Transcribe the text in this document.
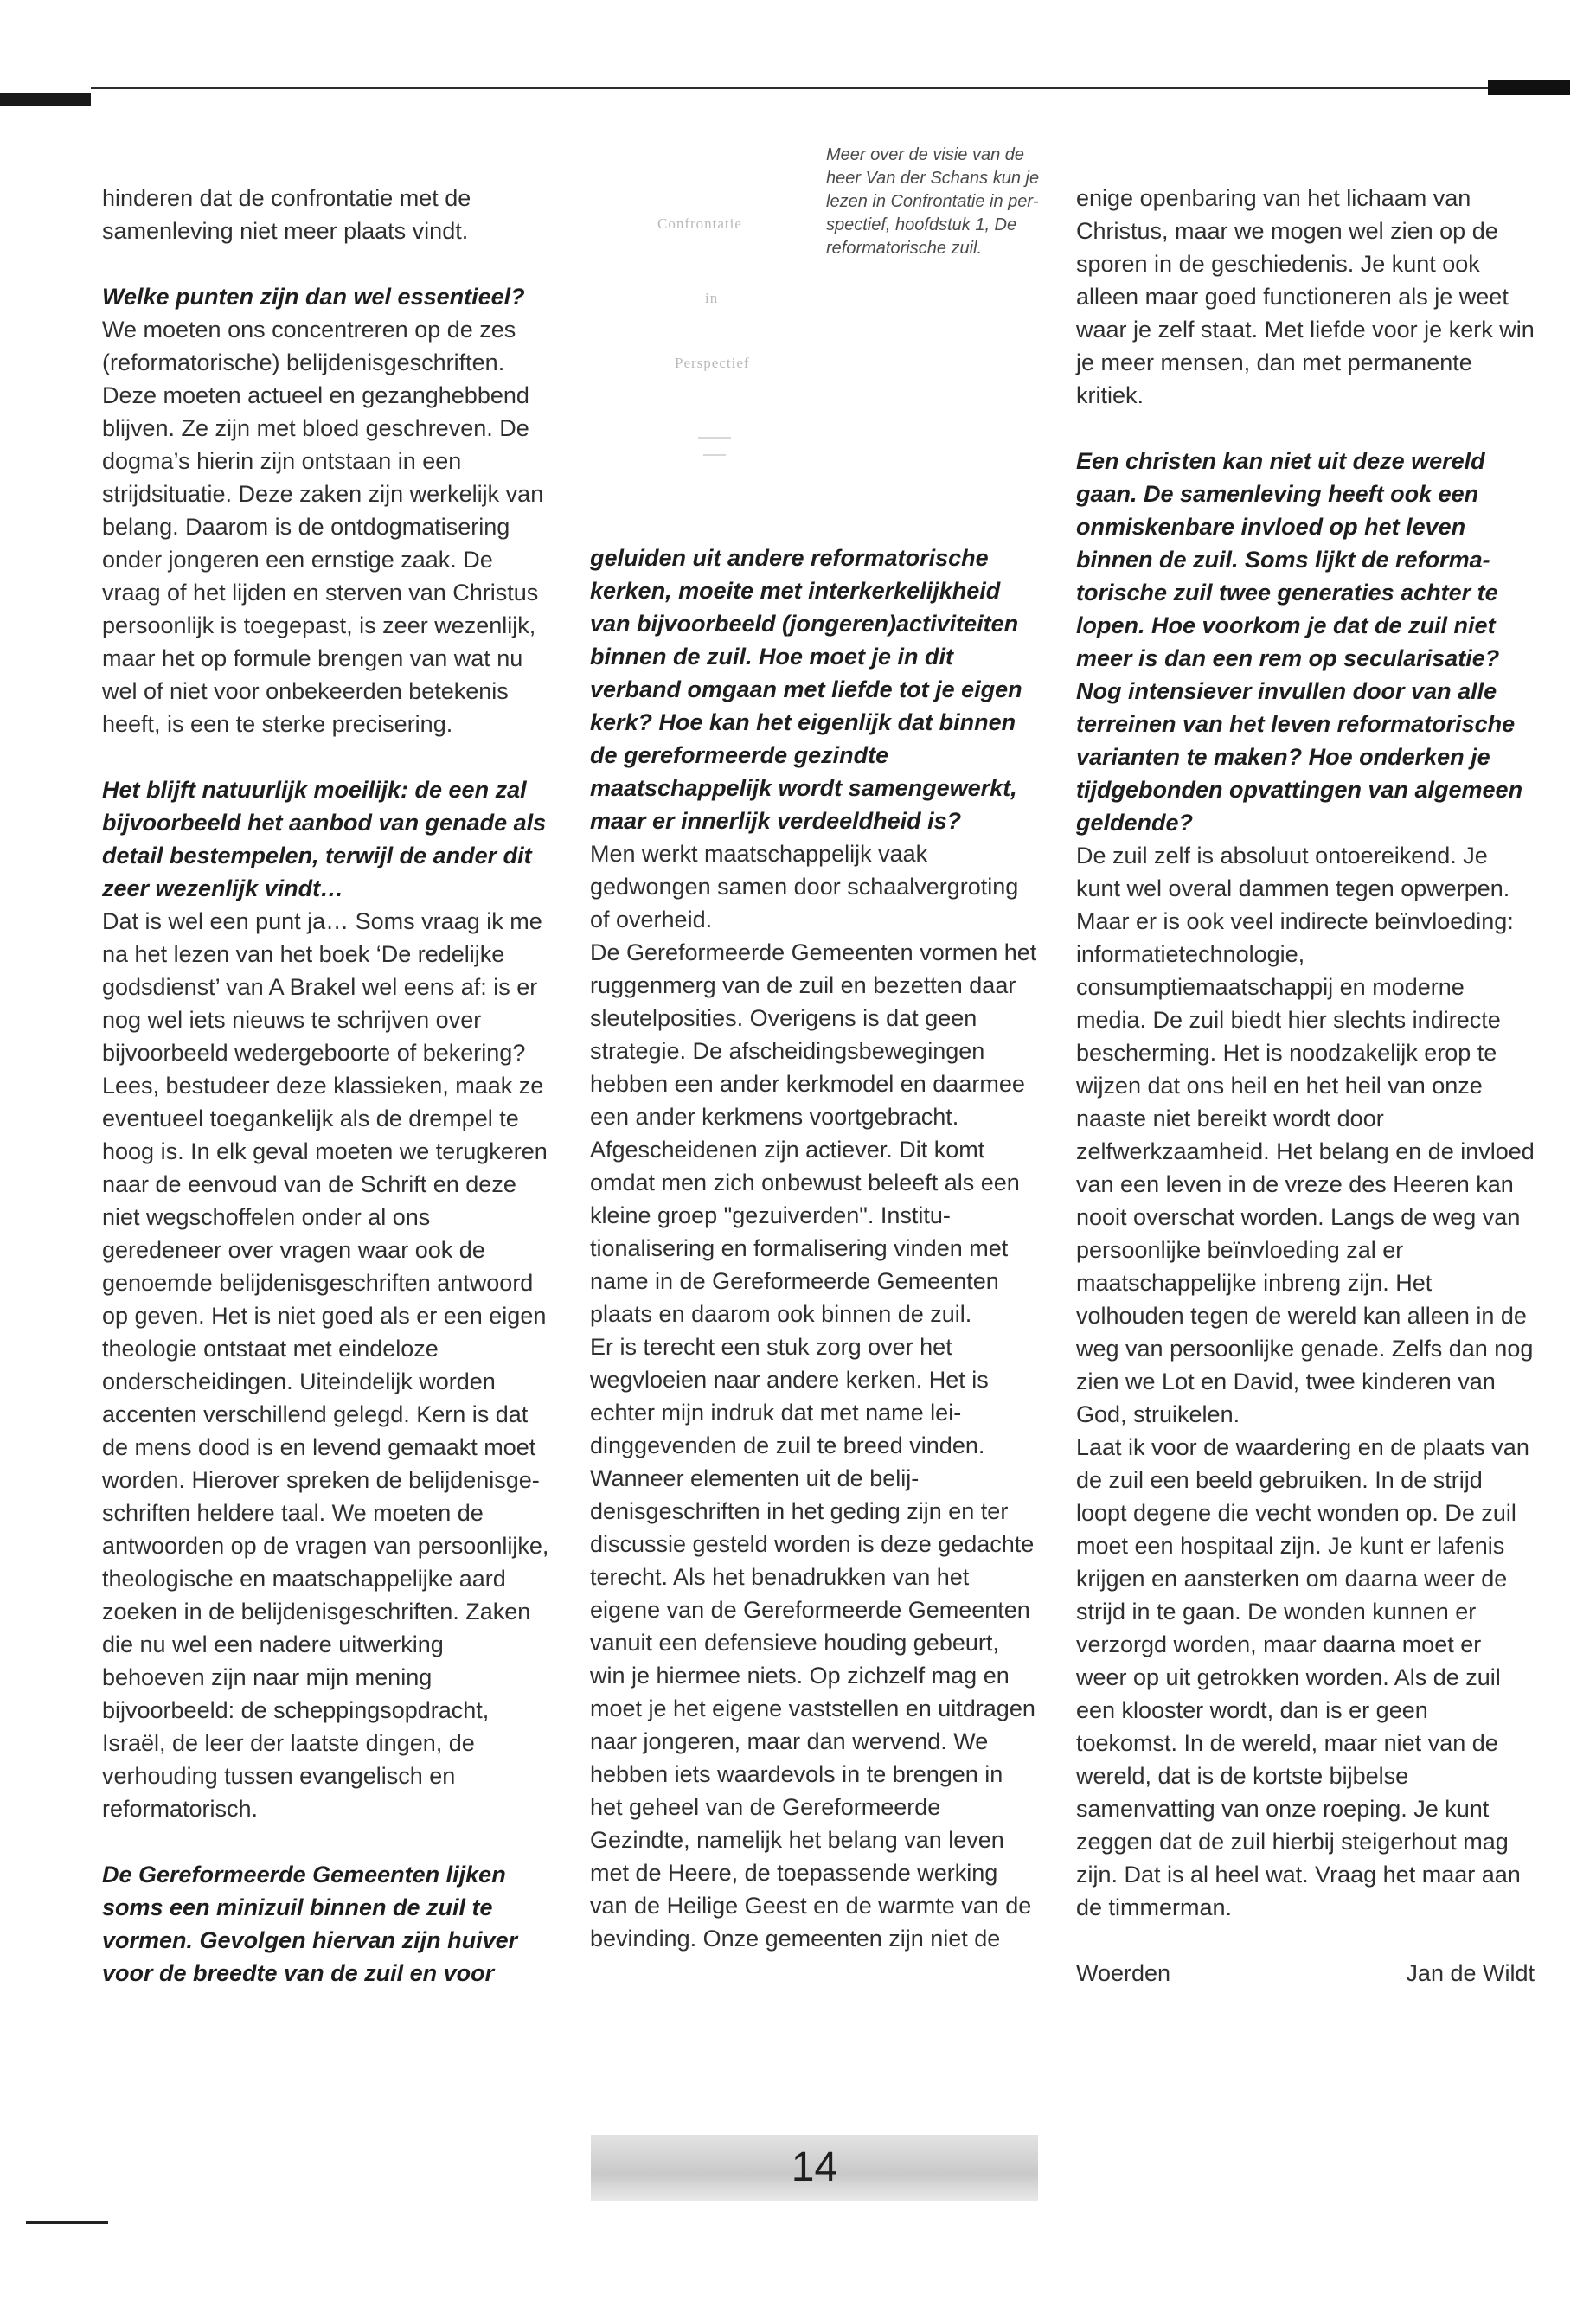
hinderen dat de confrontatie met de samenleving niet meer plaats vindt.

Welke punten zijn dan wel essentieel?

We moeten ons concentreren op de zes (reformatorische) belijdenisgeschriften. Deze moeten actueel en gezanghebbend blijven. Ze zijn met bloed geschreven. De dogma’s hierin zijn ontstaan in een strijdsituatie. Deze zaken zijn werkelijk van belang. Daarom is de ontdogmatisering onder jongeren een ernstige zaak. De vraag of het lijden en sterven van Christus persoonlijk is toegepast, is zeer wezenlijk, maar het op formule brengen van wat nu wel of niet voor onbekeerden betekenis heeft, is een te sterke precisering.

Het blijft natuurlijk moeilijk: de een zal bijvoorbeeld het aanbod van genade als detail bestempelen, terwijl de ander dit zeer wezenlijk vindt…

Dat is wel een punt ja… Soms vraag ik me na het lezen van het boek ‘De redelijke godsdienst’ van A Brakel wel eens af: is er nog wel iets nieuws te schrijven over bijvoorbeeld wedergeboorte of bekering? Lees, bestudeer deze klassieken, maak ze eventueel toegankelijk als de drempel te hoog is. In elk geval moeten we terugkeren naar de eenvoud van de Schrift en deze niet wegschoffelen onder al ons geredeneer over vragen waar ook de genoemde belijdenisgeschriften antwoord op geven. Het is niet goed als er een eigen theologie ontstaat met eindeloze onderscheidingen. Uiteindelijk worden accenten verschillend gelegd. Kern is dat de mens dood is en levend gemaakt moet worden. Hierover spreken de belijdenisgeschriften heldere taal. We moeten de antwoorden op de vragen van persoonlijke, theologische en maatschappelijke aard zoeken in de belijdenisgeschriften. Zaken die nu wel een nadere uitwerking behoeven zijn naar mijn mening bijvoorbeeld: de scheppingsopdracht, Israël, de leer der laatste dingen, de verhouding tussen evangelisch en reformatorisch.

De Gereformeerde Gemeenten lijken soms een minizuil binnen de zuil te vormen. Gevolgen hiervan zijn huiver voor de breedte van de zuil en voor

Confrontatie
in
Perspectief
Meer over de visie van de heer Van der Schans kun je lezen in Confrontatie in perspectief, hoofdstuk 1, De reformatorische zuil.

geluiden uit andere reformatorische kerken, moeite met interkerkelijkheid van bijvoorbeeld (jongeren)activiteiten binnen de zuil. Hoe moet je in dit verband omgaan met liefde tot je eigen kerk? Hoe kan het eigenlijk dat binnen de gereformeerde gezindte maatschappelijk wordt samengewerkt, maar er innerlijk verdeeldheid is?

Men werkt maatschappelijk vaak gedwongen samen door schaalvergroting of overheid.

De Gereformeerde Gemeenten vormen het ruggenmerg van de zuil en bezetten daar sleutelposities. Overigens is dat geen strategie. De afscheidingsbewegingen hebben een ander kerkmodel en daarmee een ander kerkmens voortgebracht. Afgescheidenen zijn actiever. Dit komt omdat men zich onbewust beleeft als een kleine groep "gezuiverden". Institutionalisering en formalisering vinden met name in de Gereformeerde Gemeenten plaats en daarom ook binnen de zuil.

Er is terecht een stuk zorg over het wegvloeien naar andere kerken. Het is echter mijn indruk dat met name leidinggevenden de zuil te breed vinden. Wanneer elementen uit de belijdenisgeschriften in het geding zijn en ter discussie gesteld worden is deze gedachte terecht. Als het benadrukken van het eigene van de Gereformeerde Gemeenten vanuit een defensieve houding gebeurt, win je hiermee niets. Op zichzelf mag en moet je het eigene vaststellen en uitdragen naar jongeren, maar dan wervend. We hebben iets waardevols in te brengen in het geheel van de Gereformeerde Gezindte, namelijk het belang van leven met de Heere, de toepassende werking van de Heilige Geest en de warmte van de bevinding. Onze gemeenten zijn niet de

enige openbaring van het lichaam van Christus, maar we mogen wel zien op de sporen in de geschiedenis. Je kunt ook alleen maar goed functioneren als je weet waar je zelf staat. Met liefde voor je kerk win je meer mensen, dan met permanente kritiek.

Een christen kan niet uit deze wereld gaan. De samenleving heeft ook een onmiskenbare invloed op het leven binnen de zuil. Soms lijkt de reformatorische zuil twee generaties achter te lopen. Hoe voorkom je dat de zuil niet meer is dan een rem op secularisatie? Nog intensiever invullen door van alle terreinen van het leven reformatorische varianten te maken? Hoe onderken je tijdgebonden opvattingen van algemeen geldende?

De zuil zelf is absoluut ontoereikend. Je kunt wel overal dammen tegen opwerpen. Maar er is ook veel indirecte beïnvloeding: informatietechnologie, consumptiemaatschappij en moderne media. De zuil biedt hier slechts indirecte bescherming. Het is noodzakelijk erop te wijzen dat ons heil en het heil van onze naaste niet bereikt wordt door zelfwerkzaamheid. Het belang en de invloed van een leven in de vreze des Heeren kan nooit overschat worden. Langs de weg van persoonlijke beïnvloeding zal er maatschappelijke inbreng zijn. Het volhouden tegen de wereld kan alleen in de weg van persoonlijke genade. Zelfs dan nog zien we Lot en David, twee kinderen van God, struikelen.

Laat ik voor de waardering en de plaats van de zuil een beeld gebruiken. In de strijd loopt degene die vecht wonden op. De zuil moet een hospitaal zijn. Je kunt er lafenis krijgen en aansterken om daarna weer de strijd in te gaan. De wonden kunnen er verzorgd worden, maar daarna moet er weer op uit getrokken worden. Als de zuil een klooster wordt, dan is er geen toekomst. In de wereld, maar niet van de wereld, dat is de kortste bijbelse samenvatting van onze roeping. Je kunt zeggen dat de zuil hierbij steigerhout mag zijn. Dat is al heel wat. Vraag het maar aan de timmerman.

Woerden	Jan de Wildt
14
